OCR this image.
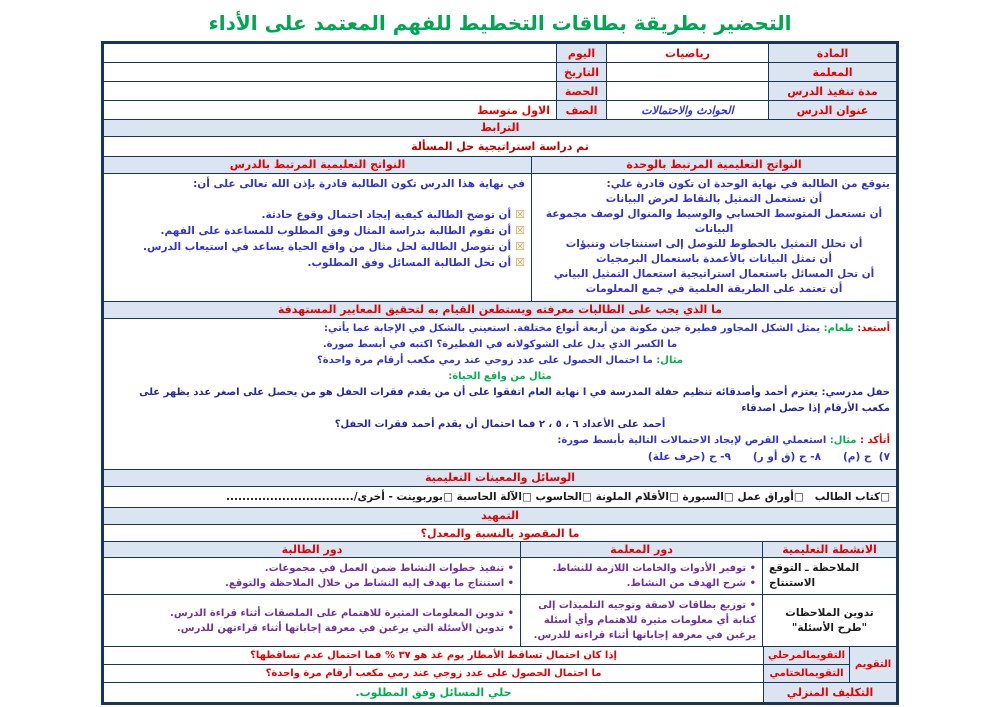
التحضير بطريقة بطاقات التخطيط للفهم المعتمد على الأداء
المادة
رياضيات
اليوم
المعلمة
التاريخ
مدة تنفيذ الدرس
الحصة
عنوان الدرس
الحوادث والاحتمالات
الصف
الاول متوسط
الترابط
تم دراسة استراتيجية حل المسألة
النواتج التعليمية المرتبط بالوحدة
يتوقع من الطالبة في نهاية الوحدة ان تكون قادرة علي:
أن تستعمل التمثيل بالنقاط لعرض البيانات
أن تستعمل المتوسط الحسابي والوسيط والمنوال لوصف مجموعة البيانات
أن تحلل التمثيل بالخطوط للتوصل إلى استنتاجات وتنبؤات
أن تمثل البيانات بالأعمدة باستعمال البرمجيات
أن تحل المسائل باستعمال استراتيجية استعمال التمثيل البياني
أن تعتمد على الطريقة العلمية في جمع المعلومات
النواتج التعليمية المرتبط بالدرس
في نهاية هذا الدرس تكون الطالبة قادرة بإذن الله تعالى على أن:
☒أن توضح الطالبة كيفية إيجاد احتمال وقوع حادثة.
☒أن تقوم الطالبة بدراسة المثال وفق المطلوب للمساعدة على الفهم.
☒أن تتوصل الطالبة لحل مثال من واقع الحياة يساعد في استيعاب الدرس.
☒أن تحل الطالبة المسائل وفق المطلوب.
ما الذي يجب على الطالبات معرفته ويستطعن القيام به لتحقيق المعايير المستهدفة
أستعد: طعام: يمثل الشكل المجاور فطيرة جبن مكونة من أربعة أنواع مختلفة. استعيني بالشكل في الإجابة عما يأتي:
ما الكسر الذي يدل على الشوكولاته في الفطيرة؟ اكتبه في أبسط صورة.
مثال: ما احتمال الحصول على عدد زوجي عند رمي مكعب أرقام مرة واحدة؟
مثال من واقع الحياة:
حفل مدرسي: يعتزم أحمد وأصدقائه تنظيم حفلة المدرسة في ا نهاية العام اتفقوا على أن من يقدم فقرات الحفل هو من يحصل على اصغر عدد يظهر على مكعب الأرقام إذا حصل اصدقاء
أحمد على الأعداد ٦ ، ٥ ، ٢ فما احتمال أن يقدم أحمد فقرات الحفل؟
أتأكد : مثال: استعملي القرص لإيجاد الاحتمالات التالية بأبسط صورة:
٧)  ح (م)      ٨- ح (ق أو ر)      ٩- ح (حرف علة)
الوسائل والمعينات التعليمية
□كتاب الطالب   □أوراق عمل □السبورة □الأقلام الملونة □الحاسوب □الآلة الحاسبة □بوربوينت - أخرى/................................
التمهيد
ما المقصود بالنسبة والمعدل؟
الانشطة التعليمية
دور المعلمة
دور الطالبة
الملاحظة ـ التوقع
الاستنتاج
• توفير الأدوات والخامات اللازمة للنشاط.
• شرح الهدف من النشاط.
• تنفيذ خطوات النشاط ضمن العمل في مجموعات.
• استنتاج ما يهدف إليه النشاط من خلال الملاحظة والتوقع.
تدوين الملاحظات
"طرح الأسئلة"
• توزيع بطاقات لاصقة وتوجيه التلميذات إلى كتابة أي معلومات مثيرة للاهتمام وأي أسئلة يرغبن في معرفة إجاباتها أثناء قراءته للدرس.
• تدوين المعلومات المثيرة للاهتمام على الملصقات أثناء قراءة الدرس.
• تدوين الأسئلة التي يرغبن في معرفة إجاباتها أثناء قراءتهن للدرس.
التقويم
التقويمالمرحلي
إذا كان احتمال تساقط الأمطار يوم غد هو ٣٧ % فما احتمال عدم تساقطها؟
التقويمالختامي
ما احتمال الحصول على عدد زوجي عند رمي مكعب أرقام مرة واحدة؟
التكليف المنزلي
حلي المسائل وفق المطلوب.
